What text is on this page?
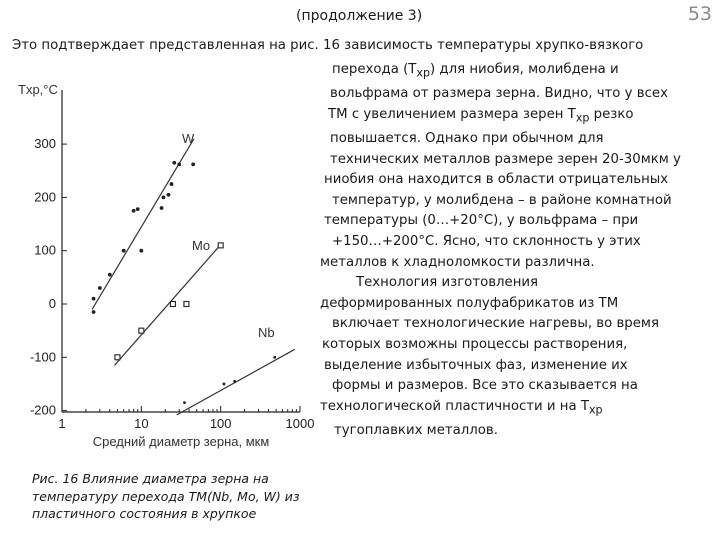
(продолжение 3)	53
Это подтверждает представленная на рис. 16 зависимость температуры хрупко-вязкого
перехода $(T_{хр})$ для ниобия, молибдена и
вольфрама от размера зерна. Видно, что у всех
ТМ с увеличением размера зерен $T_{хр}$ резко
повышается. Однако при обычном для
технических металлов размере зерен 20-30мкм у
ниобия она находится в области отрицательных
температур, у молибдена – в районе комнатной
температуры (0…+20°С), у вольфрама – при
+150…+200°С. Ясно, что склонность у этих
металлов к хладноломкости различна.
Технология изготовления
деформированных полуфабрикатов из ТМ
включает технологические нагревы, во время
которых возможны процессы растворения,
выделение избыточных фаз, изменение их
формы и размеров. Все это сказывается на
технологической пластичности и на $T_{хр}$
тугоплавких металлов.
-200
-100
0
100
200
300
1	10	100	1000
Средний диаметр зерна, мкм
Tхр,°С
W
Mo
Nb
Рис. 16 Влияние диаметра зерна на
температуру перехода ТМ(Nb, Mo, W) из
пластичного состояния в хрупкое
